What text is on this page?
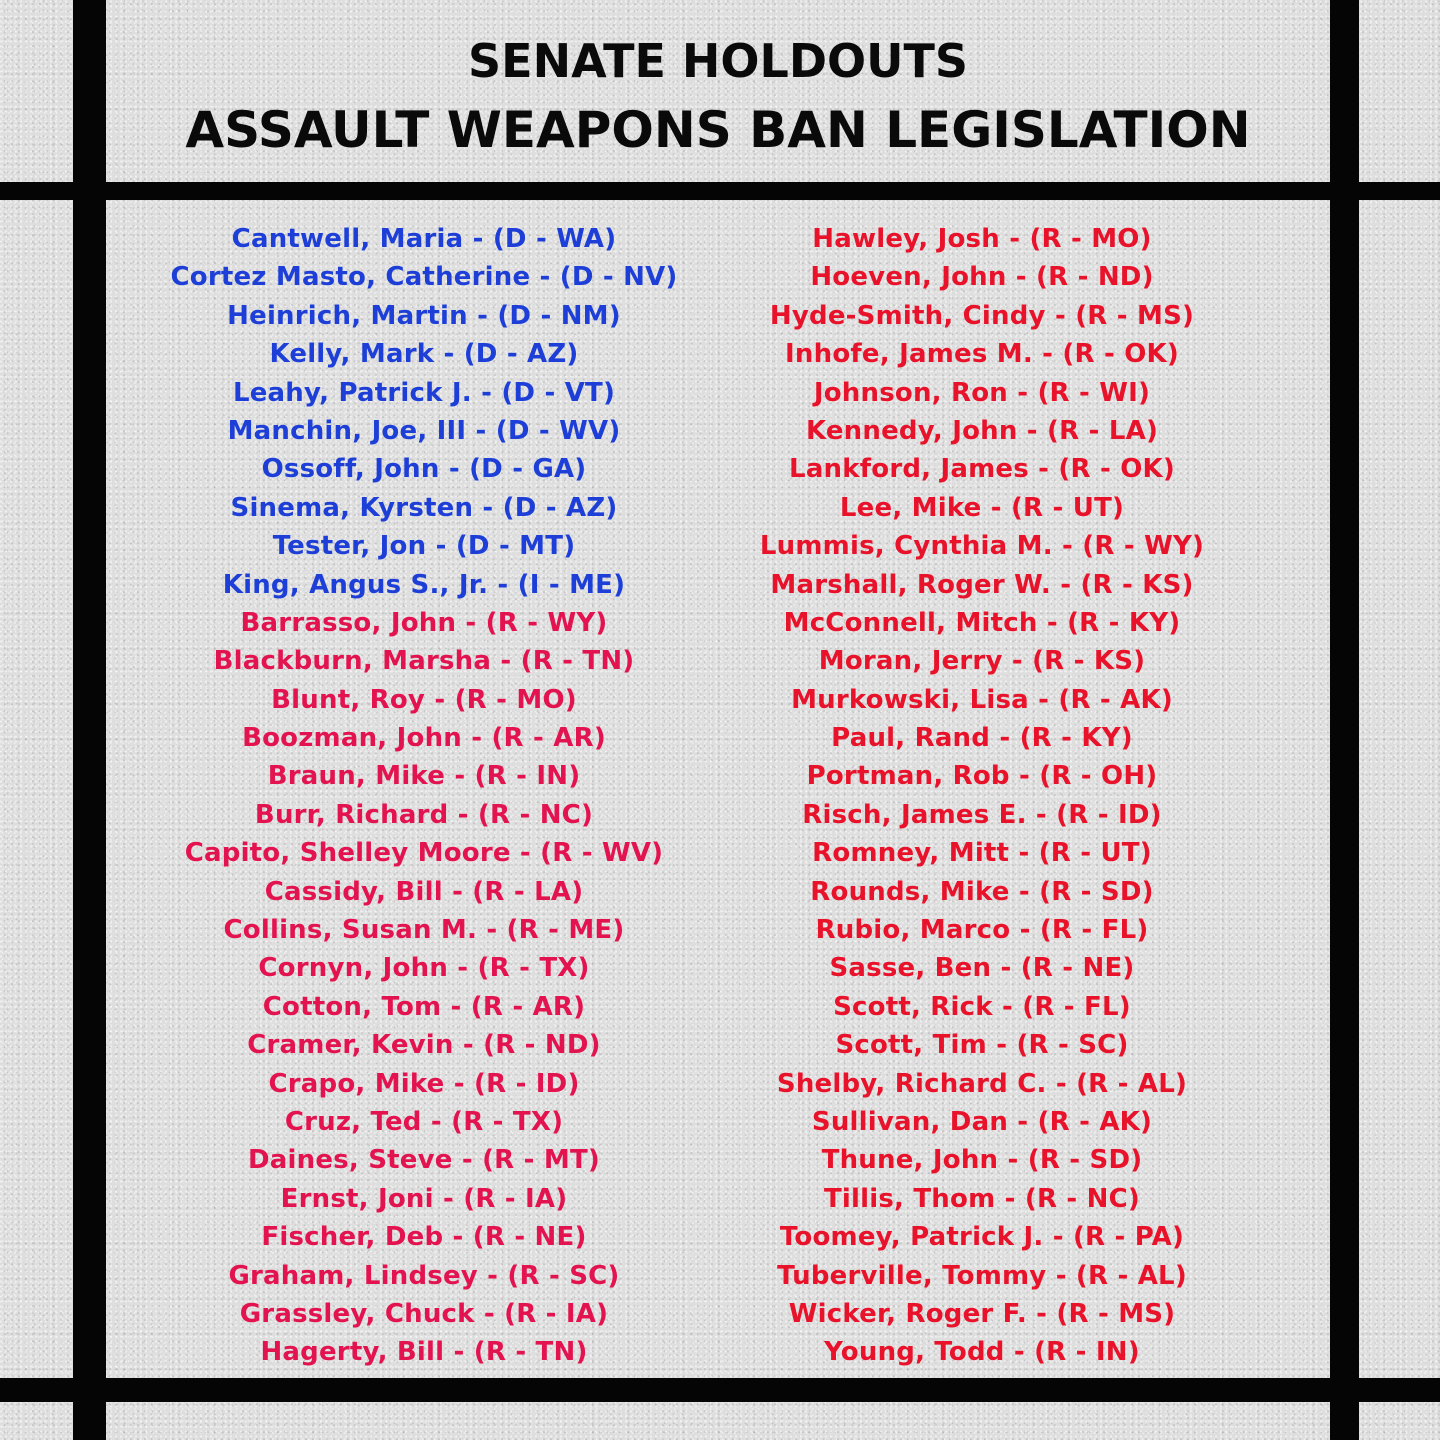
SENATE HOLDOUTS
ASSAULT WEAPONS BAN LEGISLATION
Cantwell, Maria - (D - WA)
Cortez Masto, Catherine - (D - NV)
Heinrich, Martin - (D - NM)
Kelly, Mark - (D - AZ)
Leahy, Patrick J. - (D - VT)
Manchin, Joe, III - (D - WV)
Ossoff, John - (D - GA)
Sinema, Kyrsten - (D - AZ)
Tester, Jon - (D - MT)
King, Angus S., Jr. - (I - ME)
Barrasso, John - (R - WY)
Blackburn, Marsha - (R - TN)
Blunt, Roy - (R - MO)
Boozman, John - (R - AR)
Braun, Mike - (R - IN)
Burr, Richard - (R - NC)
Capito, Shelley Moore - (R - WV)
Cassidy, Bill - (R - LA)
Collins, Susan M. - (R - ME)
Cornyn, John - (R - TX)
Cotton, Tom - (R - AR)
Cramer, Kevin - (R - ND)
Crapo, Mike - (R - ID)
Cruz, Ted - (R - TX)
Daines, Steve - (R - MT)
Ernst, Joni - (R - IA)
Fischer, Deb - (R - NE)
Graham, Lindsey - (R - SC)
Grassley, Chuck - (R - IA)
Hagerty, Bill - (R - TN)
Hawley, Josh - (R - MO)
Hoeven, John - (R - ND)
Hyde-Smith, Cindy - (R - MS)
Inhofe, James M. - (R - OK)
Johnson, Ron - (R - WI)
Kennedy, John - (R - LA)
Lankford, James - (R - OK)
Lee, Mike - (R - UT)
Lummis, Cynthia M. - (R - WY)
Marshall, Roger W. - (R - KS)
McConnell, Mitch - (R - KY)
Moran, Jerry - (R - KS)
Murkowski, Lisa - (R - AK)
Paul, Rand - (R - KY)
Portman, Rob - (R - OH)
Risch, James E. - (R - ID)
Romney, Mitt - (R - UT)
Rounds, Mike - (R - SD)
Rubio, Marco - (R - FL)
Sasse, Ben - (R - NE)
Scott, Rick - (R - FL)
Scott, Tim - (R - SC)
Shelby, Richard C. - (R - AL)
Sullivan, Dan - (R - AK)
Thune, John - (R - SD)
Tillis, Thom - (R - NC)
Toomey, Patrick J. - (R - PA)
Tuberville, Tommy - (R - AL)
Wicker, Roger F. - (R - MS)
Young, Todd - (R - IN)
